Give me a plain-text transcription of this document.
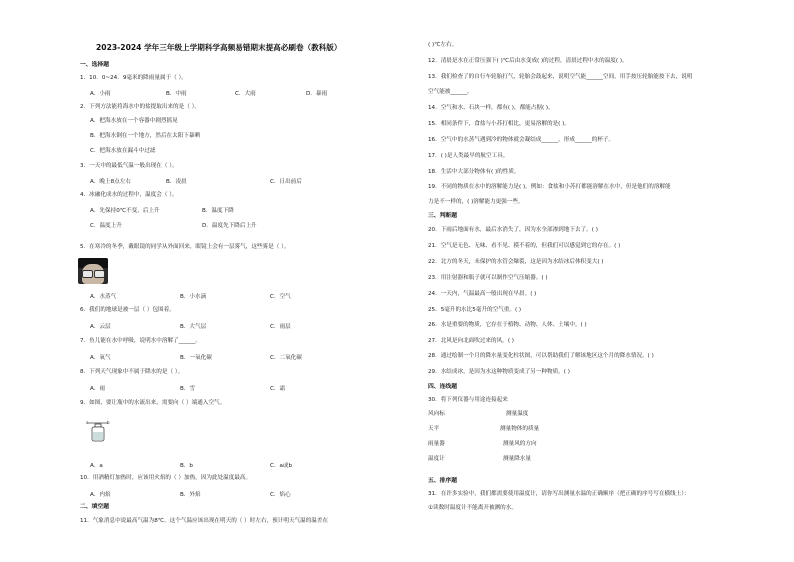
2023-2024 学年三年级上学期科学高频易错期末提高必刷卷（教科版）
一、选择题
1．10．0~24．9毫米的降雨量属于（ ）。
A．小雨	B．中雨	C．大雨	D．暴雨
2．下列方法能将海水中的盐提取出来的是（ ）。
A．把海水放在一个容器中剧烈摇晃
B．把海水倒在一个地方，然后在太阳下暴晒
C．把海水放在漏斗中过滤
3．一天中的最低气温一般出现在（ ）。
A．晚上8点左右	B．凌晨	C．日出前后
4．冰融化成水的过程中，温度会（ ）。
A．先保持0℃不变，后上升	B．温度下降
C．温度上升	D．温度先下降后上升
5．在寒冷的冬季，戴眼镜的同学从外面回来，眼镜上会有一层雾气，这些雾是（ ）。
A．水蒸气	B．小水滴	C．空气
6．我们的地球是被一层（ ）包围着。
A．云层	B．大气层	C．雨层
7．鱼儿能在水中呼吸，说明水中溶解了______。
A．氧气	B．一氧化碳	C．二氧化碳
8．下列天气现象中不属于降水的是（ ）。
A．雨	B．雪	C．霜
9．如图，要让瓶中的水流出来，需要向（ ）端通入空气。
a	b
A．a	B．b	C．a或b
10．用酒精灯加热时，应该用火焰的（ ）加热，因为此处温度最高。
A．内焰	B．外焰	C．焰心
二、填空题
11．气象消息中说最高气温为8℃。这个气温应该出现在明天的（ ）时左右，预计明天气温的温差在
( )℃左右。
12．清晨是水在正常压强下( )℃后由水变成( )的过程，清晨过程中水的温度( )。
13．我们检查了的自行车轮胎打气，轮胎会鼓起来，说明空气能______空间，用手按压轮胎能按下去，说明
空气能被______。
14．空气和水、石块一样，都有( )，都能占据( )。
15．相同条件下，食盐与小苏打相比，更易溶解的是( )。
16．空气中的水蒸气遇到冷的物体就会凝结成______，形成______的杯子。
17．( )是人类最早的航空工具。
18．生活中大部分物体有( )的性质。
19．不同的物质在水中的溶解能力是( )。例如：食盐和小苏打都能溶解在水中，但是他们的溶解能
力是不一样的，( )溶解能力更强一些。
三、判断题
20．下雨后地面有水，最后水消失了，因为水全部渗到地下去了。( )
21．空气是无色、无味、看不见、摸不着的，但我们可以感觉到它的存在。( )
22．北方的冬天，未保护的水管会爆裂，这是因为水结冰后体积变大( )
23．用注射器和瓶子就可以制作空气压缩器。( )
24．一天内，气温最高一般出现在早晨。( )
25．5毫升的水比5毫升的空气重。( )
26．水是重要的物质，它存在于植物、动物、人体、土壤中。( )
27．北风是向北面吹过来的风。( )
28．通过绘制一个月的降水量变化柱状图，可以帮助我们了解该地区这个月的降水情况。( )
29．水结成冰，是因为水这种物质变成了另一种物质。( )
四、连线题
30．将下列仪器与用途连接起来
风向标	测量温度
天平	测量物体的质量
雨量器	测量风的方向
温度计	测量降水量
五、排序题
31．在许多实验中，我们都需要使用温度计，请你写出测量水温的正确顺序（把正确的序号写在横线上）：
①读数时温度计不能离开被测的水。
